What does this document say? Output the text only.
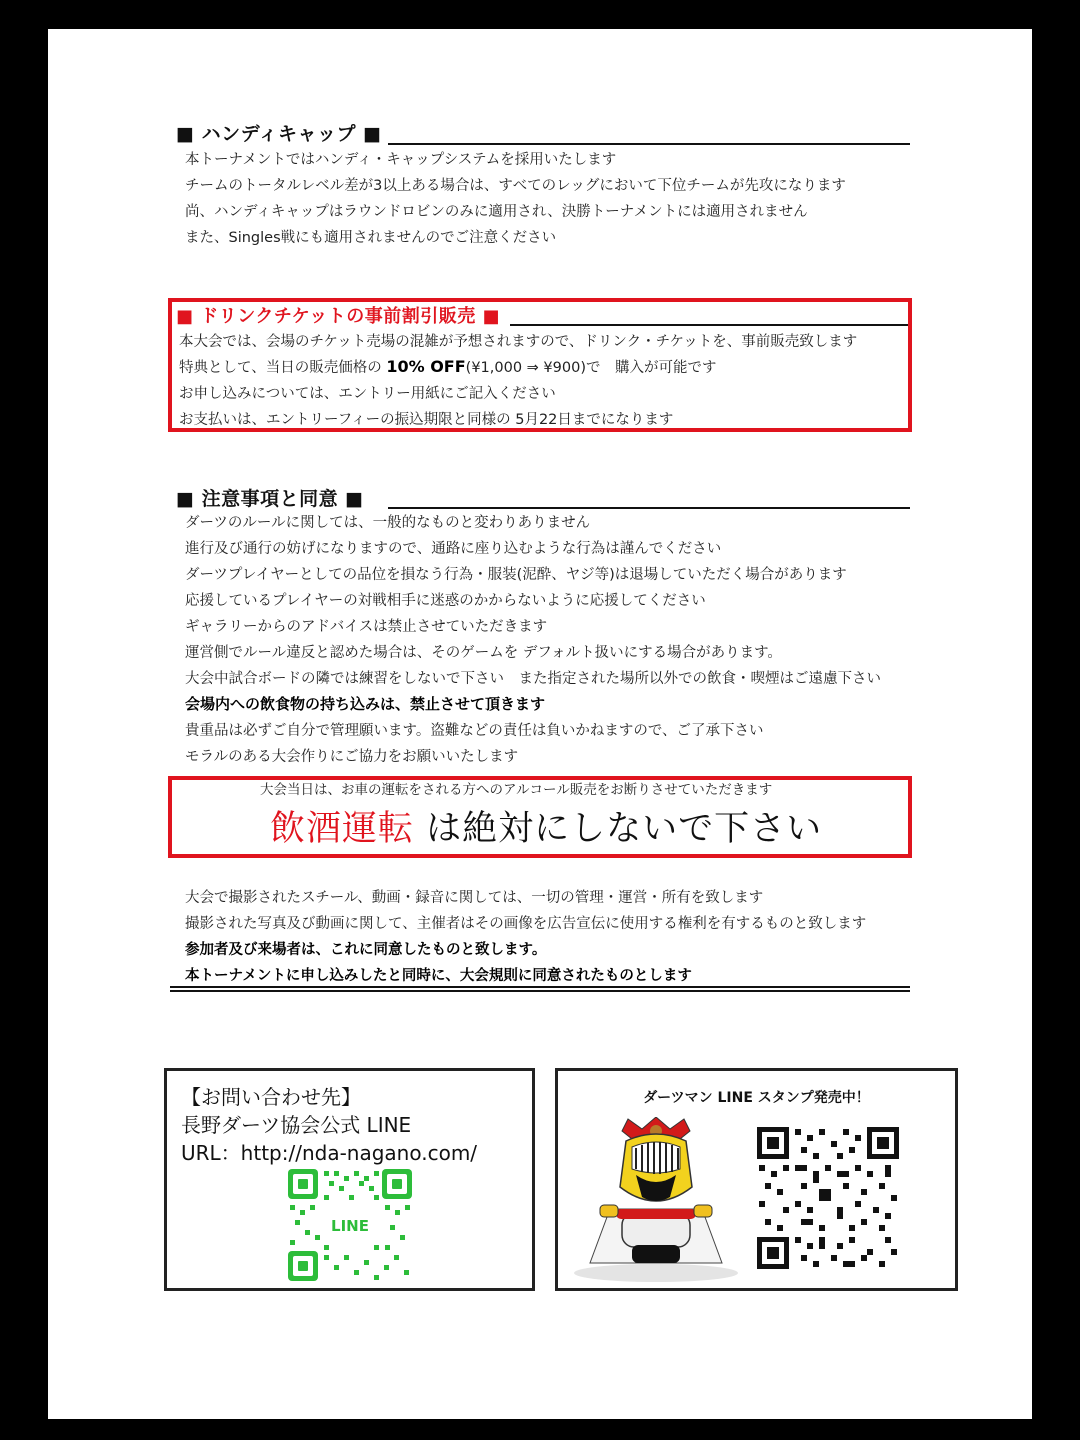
■ ハンディキャップ ■
本トーナメントではハンディ・キャップシステムを採用いたします
チームのトータルレベル差が3以上ある場合は、すべてのレッグにおいて下位チームが先攻になります
尚、ハンディキャップはラウンドロビンのみに適用され、決勝トーナメントには適用されません
また、Singles戦にも適用されませんのでご注意ください
■ ドリンクチケットの事前割引販売 ■
本大会では、会場のチケット売場の混雑が予想されますので、ドリンク・チケットを、事前販売致します
特典として、当日の販売価格の 10% OFF(¥1,000 ⇒ ¥900)で　購入が可能です
お申し込みについては、エントリー用紙にご記入ください
お支払いは、エントリーフィーの振込期限と同様の 5月22日までになります
■ 注意事項と同意 ■
ダーツのルールに関しては、一般的なものと変わりありません
進行及び通行の妨げになりますので、通路に座り込むような行為は謹んでください
ダーツプレイヤーとしての品位を損なう行為・服装(泥酔、ヤジ等)は退場していただく場合があります
応援しているプレイヤーの対戦相手に迷惑のかからないように応援してください
ギャラリーからのアドバイスは禁止させていただきます
運営側でルール違反と認めた場合は、そのゲームを デフォルト扱いにする場合があります。
大会中試合ボードの隣では練習をしないで下さい　また指定された場所以外での飲食・喫煙はご遠慮下さい
会場内への飲食物の持ち込みは、禁止させて頂きます
貴重品は必ずご自分で管理願います。盗難などの責任は負いかねますので、ご了承下さい
モラルのある大会作りにご協力をお願いいたします
大会当日は、お車の運転をされる方へのアルコール販売をお断りさせていただきます
飲酒運転 は絶対にしないで下さい
大会で撮影されたスチール、動画・録音に関しては、一切の管理・運営・所有を致します
撮影された写真及び動画に関して、主催者はその画像を広告宣伝に使用する権利を有するものと致します
参加者及び来場者は、これに同意したものと致します。
本トーナメントに申し込みしたと同時に、大会規則に同意されたものとします
【お問い合わせ先】
長野ダーツ協会公式 LINE
URL：http://nda-nagano.com/
LINE
ダーツマン LINE スタンプ発売中！
